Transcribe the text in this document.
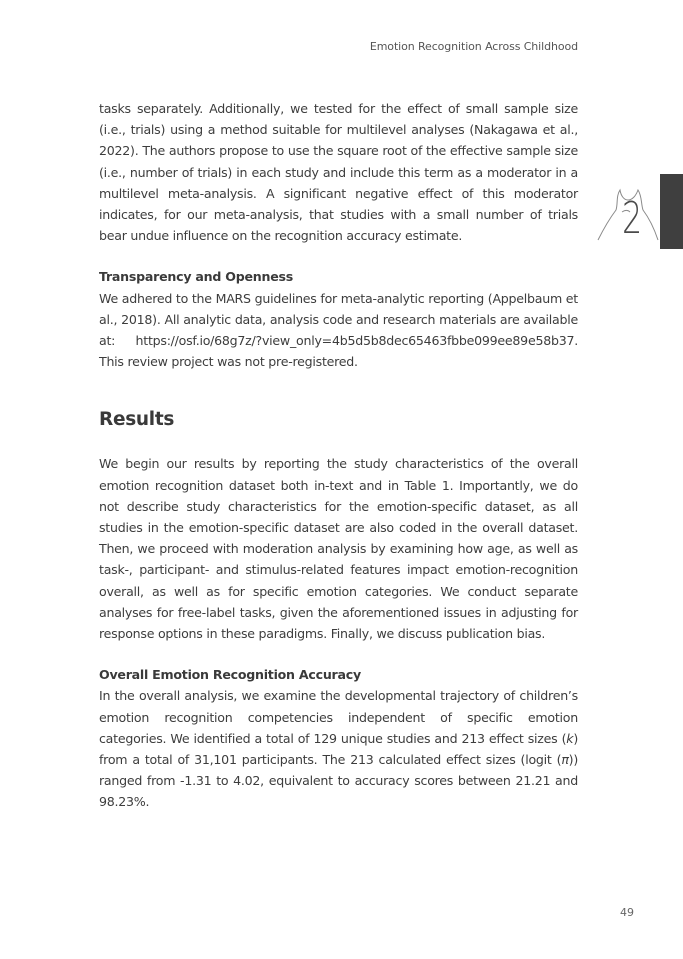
Emotion Recognition Across Childhood
2

tasks separately. Additionally, we tested for the effect of small sample size (i.e., trials) using a method suitable for multilevel analyses (Nakagawa et al., 2022). The authors propose to use the square root of the effective sample size (i.e., number of trials) in each study and include this term as a moderator in a multilevel meta-analysis. A significant negative effect of this moderator indicates, for our meta-analysis, that studies with a small number of trials bear undue influence on the recognition accuracy estimate.

Transparency and Openness

We adhered to the MARS guidelines for meta-analytic reporting (Appelbaum et al., 2018). All analytic data, analysis code and research materials are available at: https://osf.io/68g7z/?view_only=4b5d5b8dec65463fbbe099ee89e58b37. This review project was not pre-registered.

Results

We begin our results by reporting the study characteristics of the overall emotion recognition dataset both in-text and in Table 1. Importantly, we do not describe study characteristics for the emotion-specific dataset, as all studies in the emotion-specific dataset are also coded in the overall dataset. Then, we proceed with moderation analysis by examining how age, as well as task-, participant- and stimulus-related features impact emotion-recognition overall, as well as for specific emotion categories. We conduct separate analyses for free-label tasks, given the aforementioned issues in adjusting for response options in these paradigms. Finally, we discuss publication bias.

Overall Emotion Recognition Accuracy

In the overall analysis, we examine the developmental trajectory of children’s emotion recognition competencies independent of specific emotion categories. We identified a total of 129 unique studies and 213 effect sizes (k) from a total of 31,101 participants. The 213 calculated effect sizes (logit (π)) ranged from -1.31 to 4.02, equivalent to accuracy scores between 21.21 and 98.23%.

49
